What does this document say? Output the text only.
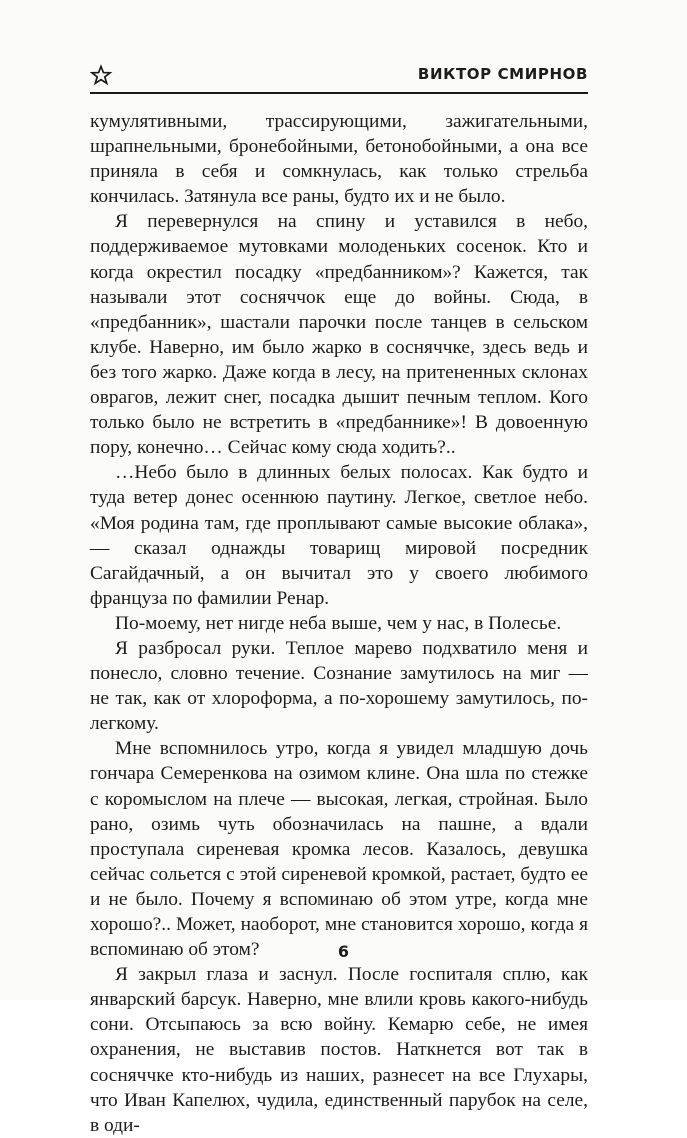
ВИКТОР СМИРНОВ

кумулятивными, трассирующими, зажигательными, шрапнельными, бронебойными, бетонобойными, а она все приняла в себя и сомкнулась, как только стрельба кончилась. Затянула все раны, будто их и не было.

Я перевернулся на спину и уставился в небо, поддерживаемое мутовками молоденьких сосенок. Кто и когда окрестил посадку «предбанником»? Кажется, так называли этот сосняччок еще до войны. Сюда, в «предбанник», шастали парочки после танцев в сельском клубе. Наверно, им было жарко в сосняччке, здесь ведь и без того жарко. Даже когда в лесу, на притененных склонах оврагов, лежит снег, посадка дышит печным теплом. Кого только было не встретить в «предбаннике»! В довоенную пору, конечно… Сейчас кому сюда ходить?..

…Небо было в длинных белых полосах. Как будто и туда ветер донес осеннюю паутину. Легкое, светлое небо. «Моя родина там, где проплывают самые высокие облака», — сказал однажды товарищ мировой посредник Сагайдачный, а он вычитал это у своего любимого француза по фамилии Ренар.

По-моему, нет нигде неба выше, чем у нас, в Полесье.

Я разбросал руки. Теплое марево подхватило меня и понесло, словно течение. Сознание замутилось на миг — не так, как от хлороформа, а по-хорошему замутилось, по-легкому.

Мне вспомнилось утро, когда я увидел младшую дочь гончара Семеренкова на озимом клине. Она шла по стежке с коромыслом на плече — высокая, легкая, стройная. Было рано, озимь чуть обозначилась на пашне, а вдали проступала сиреневая кромка лесов. Казалось, девушка сейчас сольется с этой сиреневой кромкой, растает, будто ее и не было. Почему я вспоминаю об этом утре, когда мне хорошо?.. Может, наоборот, мне становится хорошо, когда я вспоминаю об этом?

Я закрыл глаза и заснул. После госпиталя сплю, как январский барсук. Наверно, мне влили кровь какого-нибудь сони. Отсыпаюсь за всю войну. Кемарю себе, не имея охранения, не выставив постов. Наткнется вот так в сосняччке кто-нибудь из наших, разнесет на все Глухары, что Иван Капелюх, чудила, единственный парубок на селе, в оди-

6
